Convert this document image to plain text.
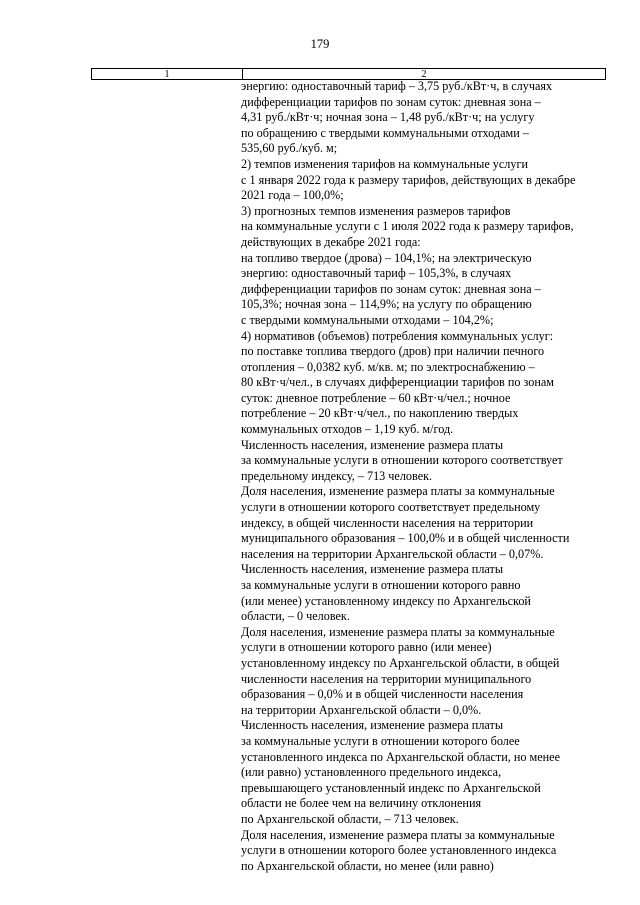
179
1	2
энергию: одноставочный тариф – 3,75 руб./кВт·ч, в случаях
дифференциации тарифов по зонам суток: дневная зона –
4,31 руб./кВт·ч; ночная зона – 1,48 руб./кВт·ч; на услугу
по обращению с твердыми коммунальными отходами –
535,60 руб./куб. м;
2) темпов изменения тарифов на коммунальные услуги
с 1 января 2022 года к размеру тарифов, действующих в декабре
2021 года – 100,0%;
3) прогнозных темпов изменения размеров тарифов
на коммунальные услуги с 1 июля 2022 года к размеру тарифов,
действующих в декабре 2021 года:
на топливо твердое (дрова) – 104,1%; на электрическую
энергию: одноставочный тариф – 105,3%, в случаях
дифференциации тарифов по зонам суток: дневная зона –
105,3%; ночная зона – 114,9%; на услугу по обращению
с твердыми коммунальными отходами – 104,2%;
4) нормативов (объемов) потребления коммунальных услуг:
по поставке топлива твердого (дров) при наличии печного
отопления – 0,0382 куб. м/кв. м; по электроснабжению –
80 кВт·ч/чел., в случаях дифференциации тарифов по зонам
суток: дневное потребление – 60 кВт·ч/чел.; ночное
потребление – 20 кВт·ч/чел., по накоплению твердых
коммунальных отходов – 1,19 куб. м/год.
Численность населения, изменение размера платы
за коммунальные услуги в отношении которого соответствует
предельному индексу, – 713 человек.
Доля населения, изменение размера платы за коммунальные
услуги в отношении которого соответствует предельному
индексу, в общей численности населения на территории
муниципального образования – 100,0% и в общей численности
населения на территории Архангельской области – 0,07%.
Численность населения, изменение размера платы
за коммунальные услуги в отношении которого равно
(или менее) установленному индексу по Архангельской
области, – 0 человек.
Доля населения, изменение размера платы за коммунальные
услуги в отношении которого равно (или менее)
установленному индексу по Архангельской области, в общей
численности населения на территории муниципального
образования – 0,0% и в общей численности населения
на территории Архангельской области – 0,0%.
Численность населения, изменение размера платы
за коммунальные услуги в отношении которого более
установленного индекса по Архангельской области, но менее
(или равно) установленного предельного индекса,
превышающего установленный индекс по Архангельской
области не более чем на величину отклонения
по Архангельской области, – 713 человек.
Доля населения, изменение размера платы за коммунальные
услуги в отношении которого более установленного индекса
по Архангельской области, но менее (или равно)
